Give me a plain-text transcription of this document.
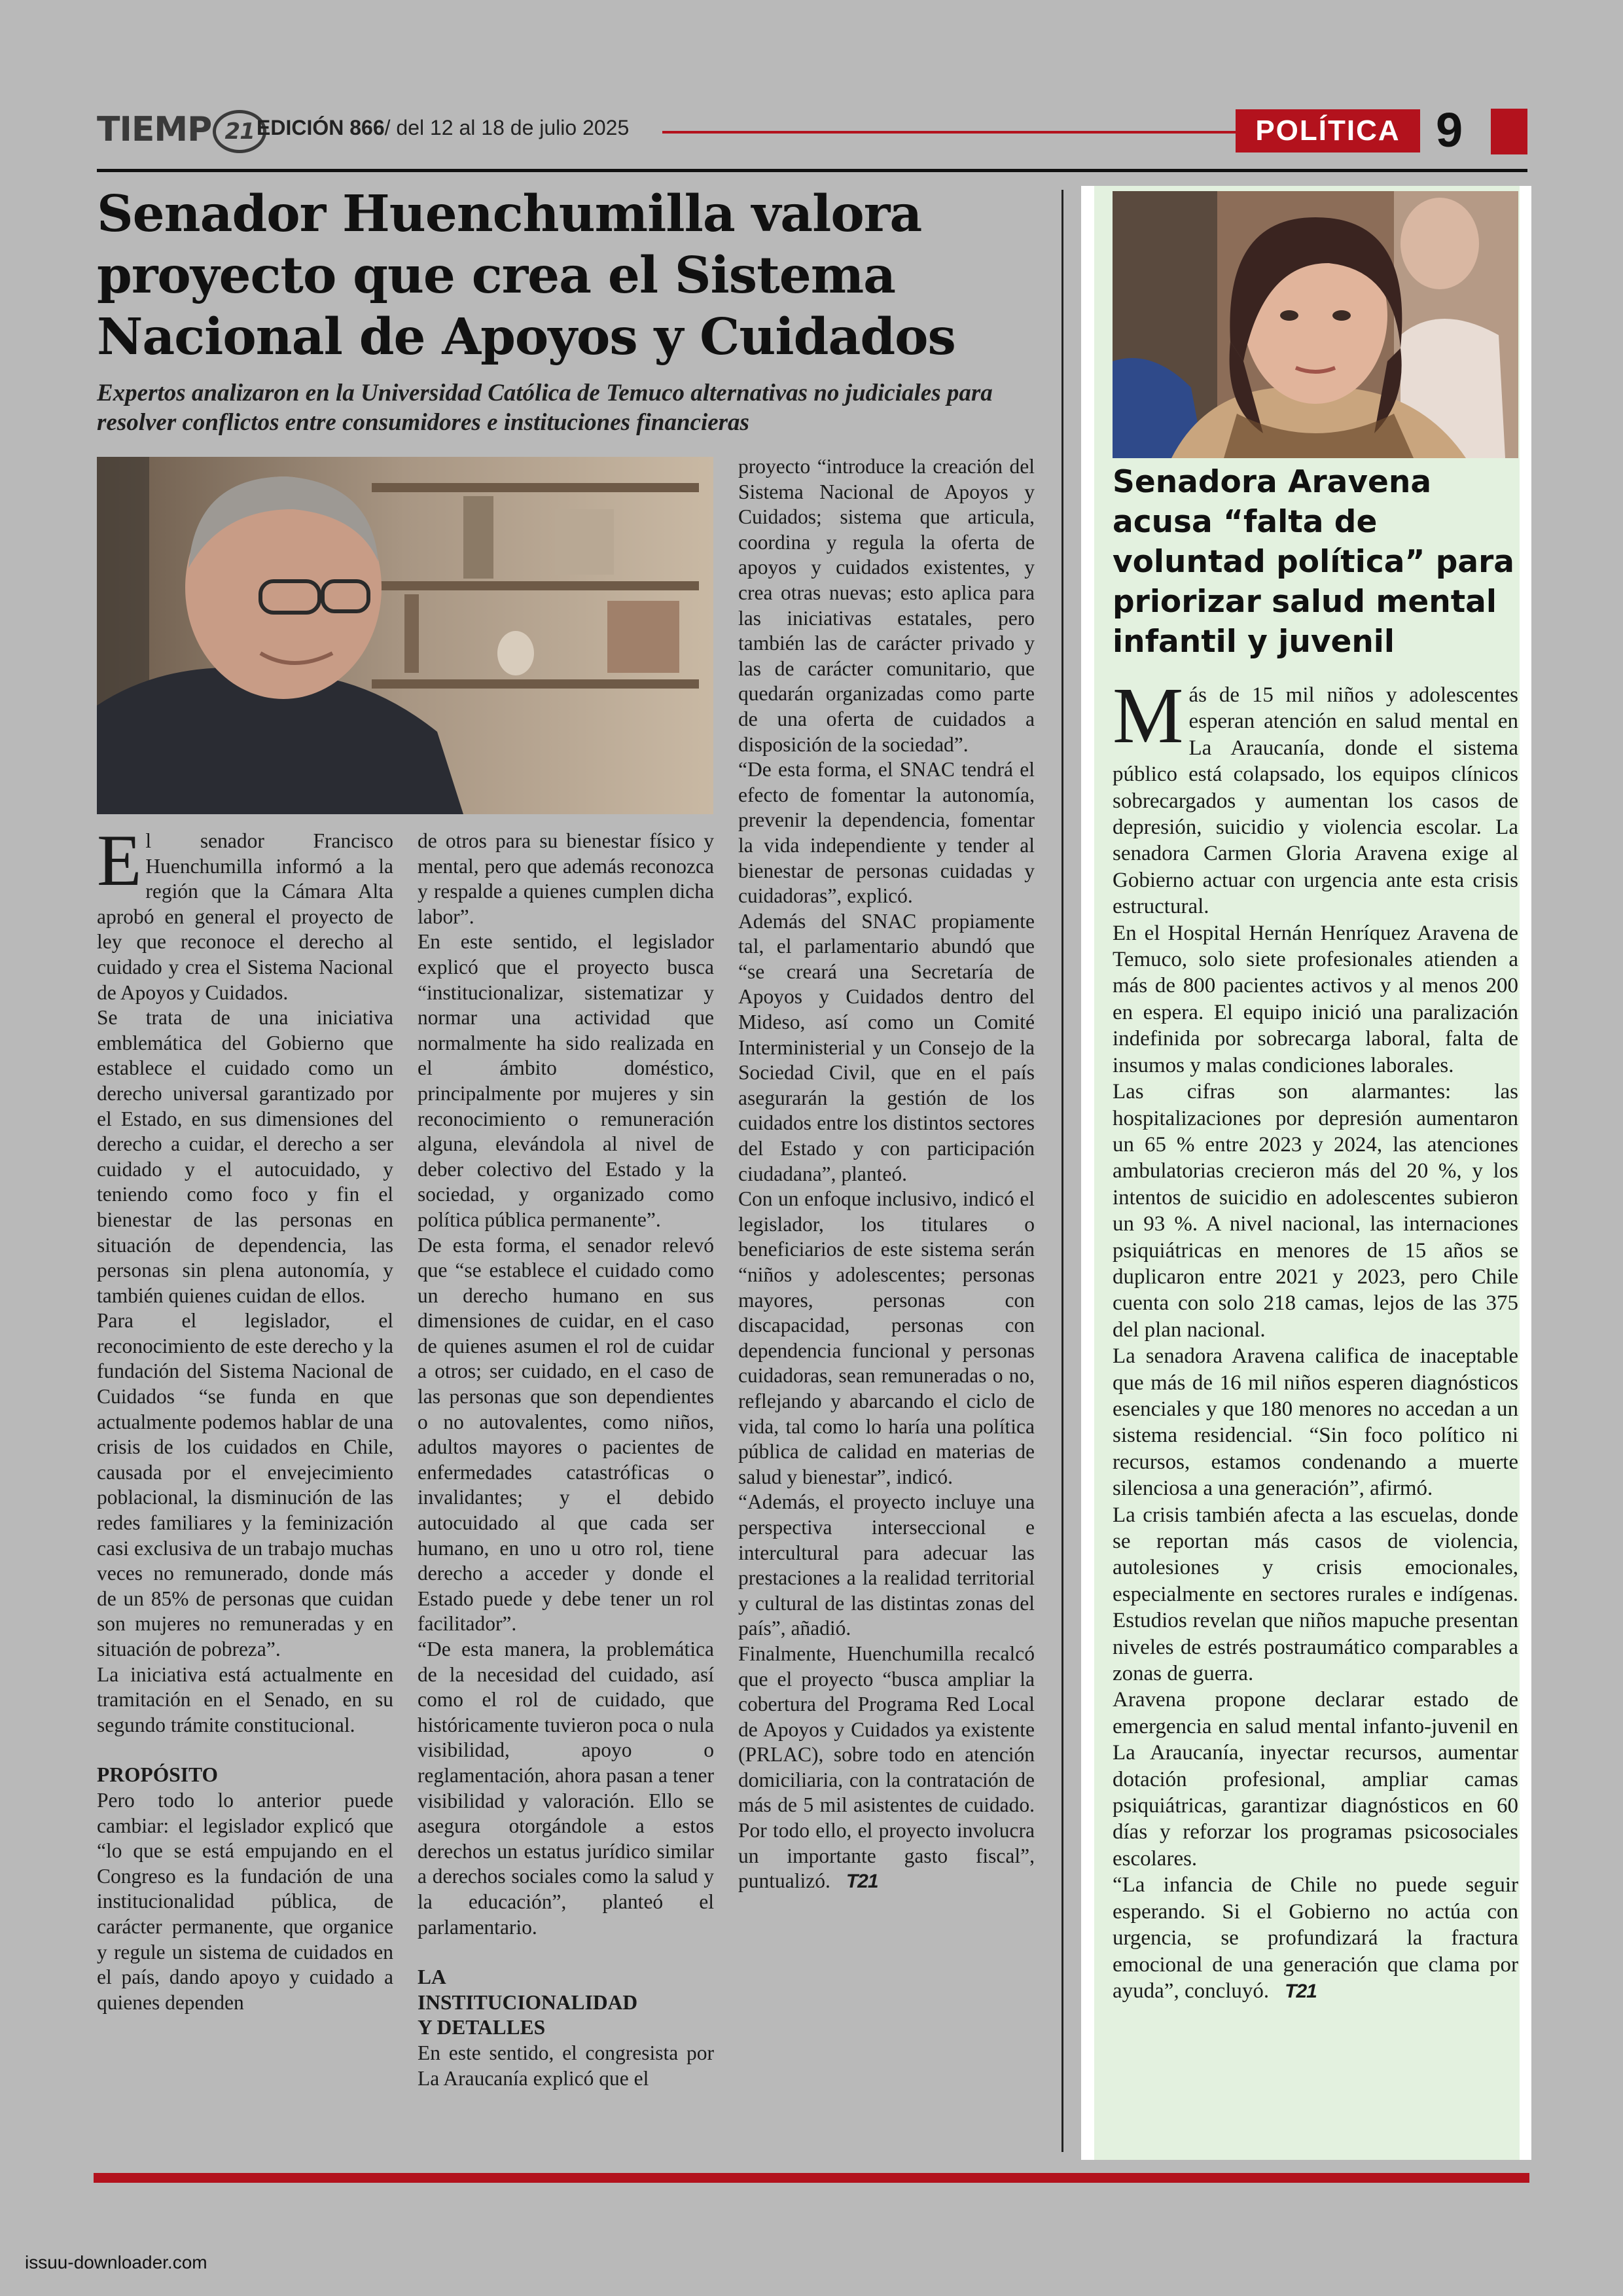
TIEMP 21 EDICIÓN 866/ del 12 al 18 de julio 2025	POLÍTICA 9
Senador Huenchumilla valora proyecto que crea el Sistema Nacional de Apoyos y Cuidados
Expertos analizaron en la Universidad Católica de Temuco alternativas no judiciales para resolver conflictos entre consumidores e instituciones financieras

El senador Francisco Huenchumilla informó a la región que la Cámara Alta aprobó en general el proyecto de ley que reconoce el derecho al cuidado y crea el Sistema Nacional de Apoyos y Cuidados.

Se trata de una iniciativa emblemática del Gobierno que establece el cuidado como un derecho universal garantizado por el Estado, en sus dimensiones del derecho a cuidar, el derecho a ser cuidado y el autocuidado, y teniendo como foco y fin el bienestar de las personas en situación de dependencia, las personas sin plena autonomía, y también quienes cuidan de ellos.

Para el legislador, el reconocimiento de este derecho y la fundación del Sistema Nacional de Cuidados “se funda en que actualmente podemos hablar de una crisis de los cuidados en Chile, causada por el envejecimiento poblacional, la disminución de las redes familiares y la feminización casi exclusiva de un trabajo muchas veces no remunerado, donde más de un 85% de personas que cuidan son mujeres no remuneradas y en situación de pobreza”.

La iniciativa está actualmente en tramitación en el Senado, en su segundo trámite constitucional.

PROPÓSITO

Pero todo lo anterior puede cambiar: el legislador explicó que “lo que se está empujando en el Congreso es la fundación de una institucionalidad pública, de carácter permanente, que organice y regule un sistema de cuidados en el país, dando apoyo y cuidado a quienes dependen

de otros para su bienestar físico y mental, pero que además reconozca y respalde a quienes cumplen dicha labor”.

En este sentido, el legislador explicó que el proyecto busca “institucionalizar, sistematizar y normar una actividad que normalmente ha sido realizada en el ámbito doméstico, principalmente por mujeres y sin reconocimiento o remuneración alguna, elevándola al nivel de deber colectivo del Estado y la sociedad, y organizado como política pública permanente”.

De esta forma, el senador relevó que “se establece el cuidado como un derecho humano en sus dimensiones de cuidar, en el caso de quienes asumen el rol de cuidar a otros; ser cuidado, en el caso de las personas que son dependientes o no autovalentes, como niños, adultos mayores o pacientes de enfermedades catastróficas o invalidantes; y el debido autocuidado al que cada ser humano, en uno u otro rol, tiene derecho a acceder y donde el Estado puede y debe tener un rol facilitador”.

“De esta manera, la problemática de la necesidad del cuidado, así como el rol de cuidado, que históricamente tuvieron poca o nula visibilidad, apoyo o reglamentación, ahora pasan a tener visibilidad y valoración. Ello se asegura otorgándole a estos derechos un estatus jurídico similar a derechos sociales como la salud y la educación”, planteó el parlamentario.

LA INSTITUCIONALIDAD Y DETALLES

En este sentido, el congresista por La Araucanía explicó que el

proyecto “introduce la creación del Sistema Nacional de Apoyos y Cuidados; sistema que articula, coordina y regula la oferta de apoyos y cuidados existentes, y crea otras nuevas; esto aplica para las iniciativas estatales, pero también las de carácter privado y las de carácter comunitario, que quedarán organizadas como parte de una oferta de cuidados a disposición de la sociedad”.

“De esta forma, el SNAC tendrá el efecto de fomentar la autonomía, prevenir la dependencia, fomentar la vida independiente y tender al bienestar de personas cuidadas y cuidadoras”, explicó.

Además del SNAC propiamente tal, el parlamentario abundó que “se creará una Secretaría de Apoyos y Cuidados dentro del Mideso, así como un Comité Interministerial y un Consejo de la Sociedad Civil, que en el país asegurarán la gestión de los cuidados entre los distintos sectores del Estado y con participación ciudadana”, planteó.

Con un enfoque inclusivo, indicó el legislador, los titulares o beneficiarios de este sistema serán “niños y adolescentes; personas mayores, personas con discapacidad, personas con dependencia funcional y personas cuidadoras, sean remuneradas o no, reflejando y abarcando el ciclo de vida, tal como lo haría una política pública de calidad en materias de salud y bienestar”, indicó.

“Además, el proyecto incluye una perspectiva interseccional e intercultural para adecuar las prestaciones a la realidad territorial y cultural de las distintas zonas del país”, añadió.

Finalmente, Huenchumilla recalcó que el proyecto “busca ampliar la cobertura del Programa Red Local de Apoyos y Cuidados ya existente (PRLAC), sobre todo en atención domiciliaria, con la contratación de más de 5 mil asistentes de cuidado. Por todo ello, el proyecto involucra un importante gasto fiscal”, puntualizó. T21

Senadora Aravena acusa “falta de voluntad política” para priorizar salud mental infantil y juvenil

Más de 15 mil niños y adolescentes esperan atención en salud mental en La Araucanía, donde el sistema público está colapsado, los equipos clínicos sobrecargados y aumentan los casos de depresión, suicidio y violencia escolar. La senadora Carmen Gloria Aravena exige al Gobierno actuar con urgencia ante esta crisis estructural.

En el Hospital Hernán Henríquez Aravena de Temuco, solo siete profesionales atienden a más de 800 pacientes activos y al menos 200 en espera. El equipo inició una paralización indefinida por sobrecarga laboral, falta de insumos y malas condiciones laborales.

Las cifras son alarmantes: las hospitalizaciones por depresión aumentaron un 65 % entre 2023 y 2024, las atenciones ambulatorias crecieron más del 20 %, y los intentos de suicidio en adolescentes subieron un 93 %. A nivel nacional, las internaciones psiquiátricas en menores de 15 años se duplicaron entre 2021 y 2023, pero Chile cuenta con solo 218 camas, lejos de las 375 del plan nacional.

La senadora Aravena califica de inaceptable que más de 16 mil niños esperen diagnósticos esenciales y que 180 menores no accedan a un sistema residencial. “Sin foco político ni recursos, estamos condenando a muerte silenciosa a una generación”, afirmó.

La crisis también afecta a las escuelas, donde se reportan más casos de violencia, autolesiones y crisis emocionales, especialmente en sectores rurales e indígenas. Estudios revelan que niños mapuche presentan niveles de estrés postraumático comparables a zonas de guerra.

Aravena propone declarar estado de emergencia en salud mental infanto-juvenil en La Araucanía, inyectar recursos, aumentar dotación profesional, ampliar camas psiquiátricas, garantizar diagnósticos en 60 días y reforzar los programas psicosociales escolares.

“La infancia de Chile no puede seguir esperando. Si el Gobierno no actúa con urgencia, se profundizará la fractura emocional de una generación que clama por ayuda”, concluyó. T21

issuu-downloader.com
